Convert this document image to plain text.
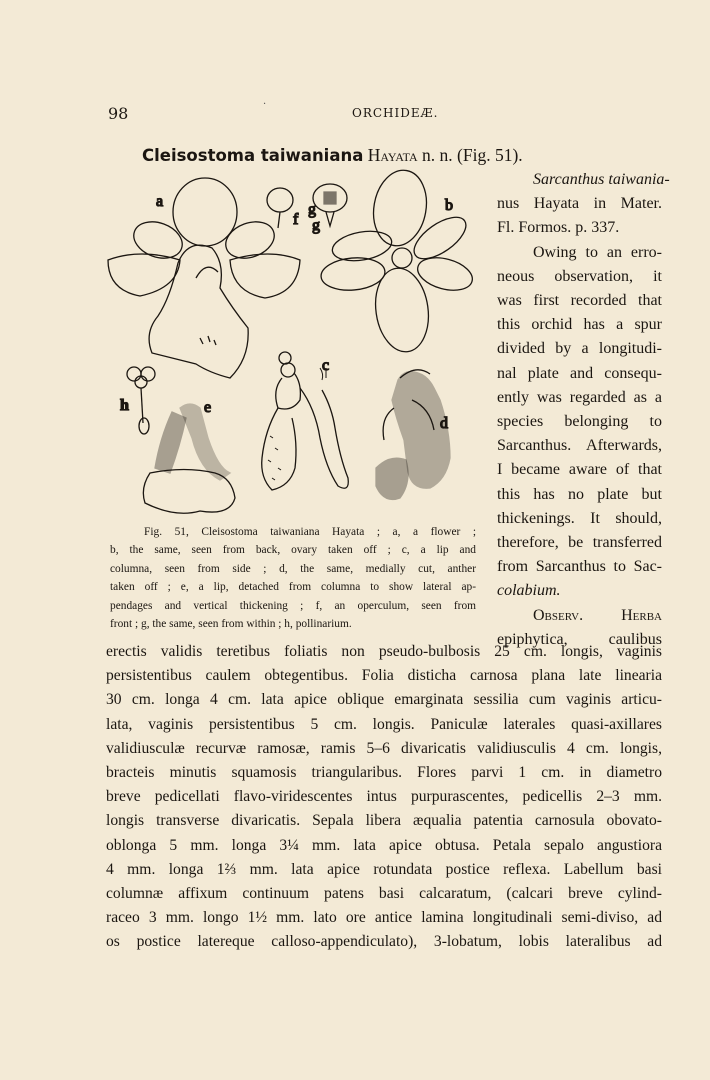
98	·
ORCHIDEÆ.
Cleisostoma taiwaniana Hayata n. n. (Fig. 51).
a	b
c
d
e
f
g
g
h
Sarcanthus taiwania-
nus Hayata in Mater.
Fl. Formos. p. 337.
Owing to an erro-
neous observation, it
was first recorded that
this orchid has a spur
divided by a longitudi-
nal plate and consequ-
ently was regarded as a
species belonging to
Sarcanthus. Afterwards,
I became aware of that
this has no plate but
thickenings. It should,
therefore, be transferred
from Sarcanthus to Sac-
colabium.
Observ. Herba
epiphytica, caulibus
Fig. 51, Cleisostoma taiwaniana Hayata ; a, a flower ;
b, the same, seen from back, ovary taken off ; c, a lip and
columna, seen from side ; d, the same, medially cut, anther
taken off ; e, a lip, detached from columna to show lateral ap-
pendages and vertical thickening ; f, an operculum, seen from
front ; g, the same, seen from within ; h, pollinarium.
erectis validis teretibus foliatis non pseudo-bulbosis 25 cm. longis, vaginis
persistentibus caulem obtegentibus. Folia disticha carnosa plana late linearia
30 cm. longa 4 cm. lata apice oblique emarginata sessilia cum vaginis articu-
lata, vaginis persistentibus 5 cm. longis. Paniculæ laterales quasi-axillares
validiusculæ recurvæ ramosæ, ramis 5–6 divaricatis validiusculis 4 cm. longis,
bracteis minutis squamosis triangularibus. Flores parvi 1 cm. in diametro
breve pedicellati flavo-viridescentes intus purpurascentes, pedicellis 2–3 mm.
longis transverse divaricatis. Sepala libera æqualia patentia carnosula obovato-
oblonga 5 mm. longa 3¼ mm. lata apice obtusa. Petala sepalo angustiora
4 mm. longa 1⅔ mm. lata apice rotundata postice reflexa. Labellum basi
columnæ affixum continuum patens basi calcaratum, (calcari breve cylind-
raceo 3 mm. longo 1½ mm. lato ore antice lamina longitudinali semi-diviso, ad
os postice latereque calloso-appendiculato), 3-lobatum, lobis lateralibus ad
